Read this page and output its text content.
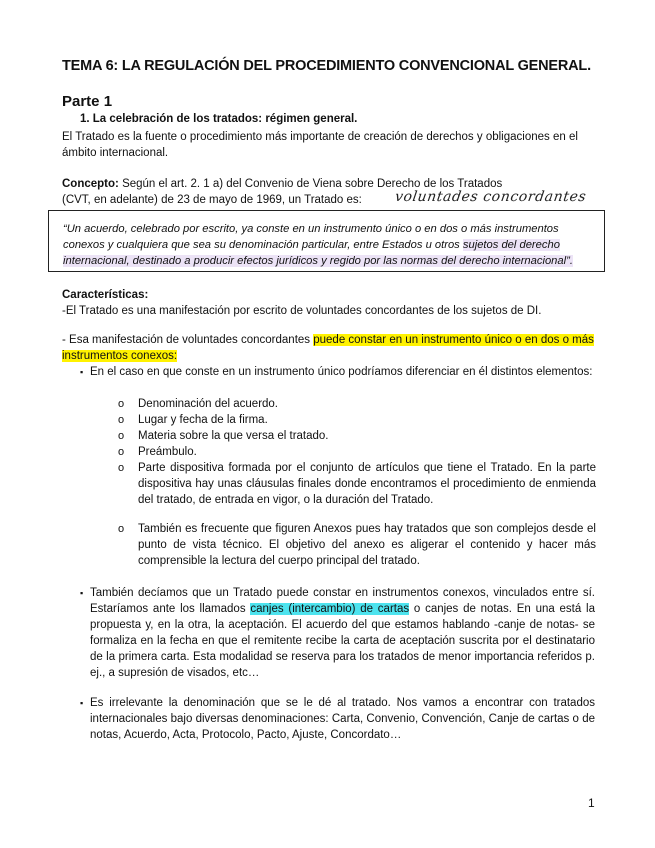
TEMA 6: LA REGULACIÓN DEL PROCEDIMIENTO CONVENCIONAL GENERAL.
Parte 1
1. La celebración de los tratados: régimen general.
El Tratado es la fuente o procedimiento más importante de creación de derechos y obligaciones en el ámbito internacional.
Concepto: Según el art. 2. 1 a) del Convenio de Viena sobre Derecho de los Tratados
(CVT, en adelante) de 23 de mayo de 1969, un Tratado es:	voluntades concordantes
“Un acuerdo, celebrado por escrito, ya conste en un instrumento único o en dos o más instrumentos conexos y cualquiera que sea su denominación particular, entre Estados u otros sujetos del derecho internacional, destinado a producir efectos jurídicos y regido por las normas del derecho internacional”.
Características:
-El Tratado es una manifestación por escrito de voluntades concordantes de los sujetos de DI.
- Esa manifestación de voluntades concordantes puede constar en un instrumento único o en dos o más instrumentos conexos:
▪ En el caso en que conste en un instrumento único podríamos diferenciar en él distintos elementos:
o Denominación del acuerdo.
o Lugar y fecha de la firma.
o Materia sobre la que versa el tratado.
o Preámbulo.
o Parte dispositiva formada por el conjunto de artículos que tiene el Tratado. En la parte dispositiva hay unas cláusulas finales donde encontramos el procedimiento de enmienda del tratado, de entrada en vigor, o la duración del Tratado.
o También es frecuente que figuren Anexos pues hay tratados que son complejos desde el punto de vista técnico. El objetivo del anexo es aligerar el contenido y hacer más comprensible la lectura del cuerpo principal del tratado.
▪ También decíamos que un Tratado puede constar en instrumentos conexos, vinculados entre sí. Estaríamos ante los llamados canjes (intercambio) de cartas o canjes de notas. En una está la propuesta y, en la otra, la aceptación. El acuerdo del que estamos hablando -canje de notas- se formaliza en la fecha en que el remitente recibe la carta de aceptación suscrita por el destinatario de la primera carta. Esta modalidad se reserva para los tratados de menor importancia referidos p. ej., a supresión de visados, etc…
▪ Es irrelevante la denominación que se le dé al tratado. Nos vamos a encontrar con tratados internacionales bajo diversas denominaciones: Carta, Convenio, Convención, Canje de cartas o de notas, Acuerdo, Acta, Protocolo, Pacto, Ajuste, Concordato…
1
